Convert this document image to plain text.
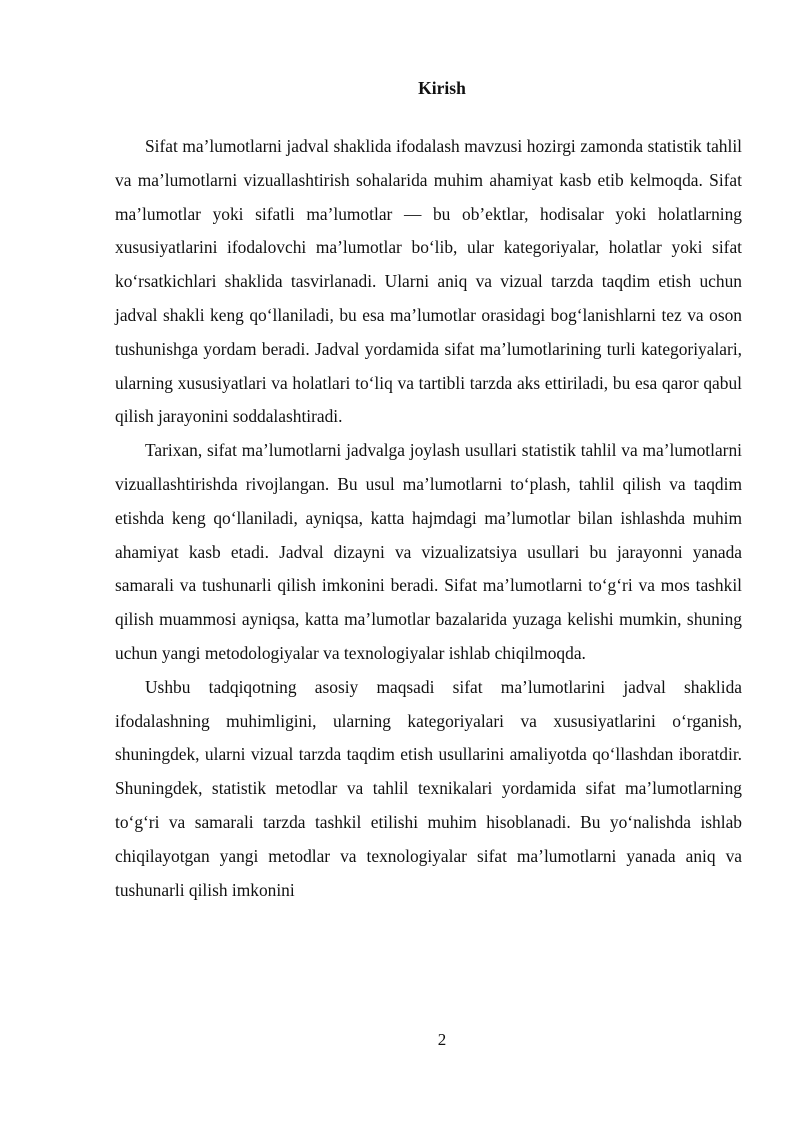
Kirish

Sifat ma’lumotlarni jadval shaklida ifodalash mavzusi hozirgi zamonda statistik tahlil va ma’lumotlarni vizuallashtirish sohalarida muhim ahamiyat kasb etib kelmoqda. Sifat ma’lumotlar yoki sifatli ma’lumotlar — bu ob’ektlar, hodisalar yoki holatlarning xususiyatlarini ifodalovchi ma’lumotlar bo‘lib, ular kategoriyalar, holatlar yoki sifat ko‘rsatkichlari shaklida tasvirlanadi. Ularni aniq va vizual tarzda taqdim etish uchun jadval shakli keng qo‘llaniladi, bu esa ma’lumotlar orasidagi bog‘lanishlarni tez va oson tushunishga yordam beradi. Jadval yordamida sifat ma’lumotlarining turli kategoriyalari, ularning xususiyatlari va holatlari to‘liq va tartibli tarzda aks ettiriladi, bu esa qaror qabul qilish jarayonini soddalashtiradi.

Tarixan, sifat ma’lumotlarni jadvalga joylash usullari statistik tahlil va ma’lumotlarni vizuallashtirishda rivojlangan. Bu usul ma’lumotlarni to‘plash, tahlil qilish va taqdim etishda keng qo‘llaniladi, ayniqsa, katta hajmdagi ma’lumotlar bilan ishlashda muhim ahamiyat kasb etadi. Jadval dizayni va vizualizatsiya usullari bu jarayonni yanada samarali va tushunarli qilish imkonini beradi. Sifat ma’lumotlarni to‘g‘ri va mos tashkil qilish muammosi ayniqsa, katta ma’lumotlar bazalarida yuzaga kelishi mumkin, shuning uchun yangi metodologiyalar va texnologiyalar ishlab chiqilmoqda.

Ushbu tadqiqotning asosiy maqsadi sifat ma’lumotlarini jadval shaklida ifodalashning muhimligini, ularning kategoriyalari va xususiyatlarini o‘rganish, shuningdek, ularni vizual tarzda taqdim etish usullarini amaliyotda qo‘llashdan iboratdir. Shuningdek, statistik metodlar va tahlil texnikalari yordamida sifat ma’lumotlarning to‘g‘ri va samarali tarzda tashkil etilishi muhim hisoblanadi. Bu yo‘nalishda ishlab chiqilayotgan yangi metodlar va texnologiyalar sifat ma’lumotlarni yanada aniq va tushunarli qilish imkonini

2
